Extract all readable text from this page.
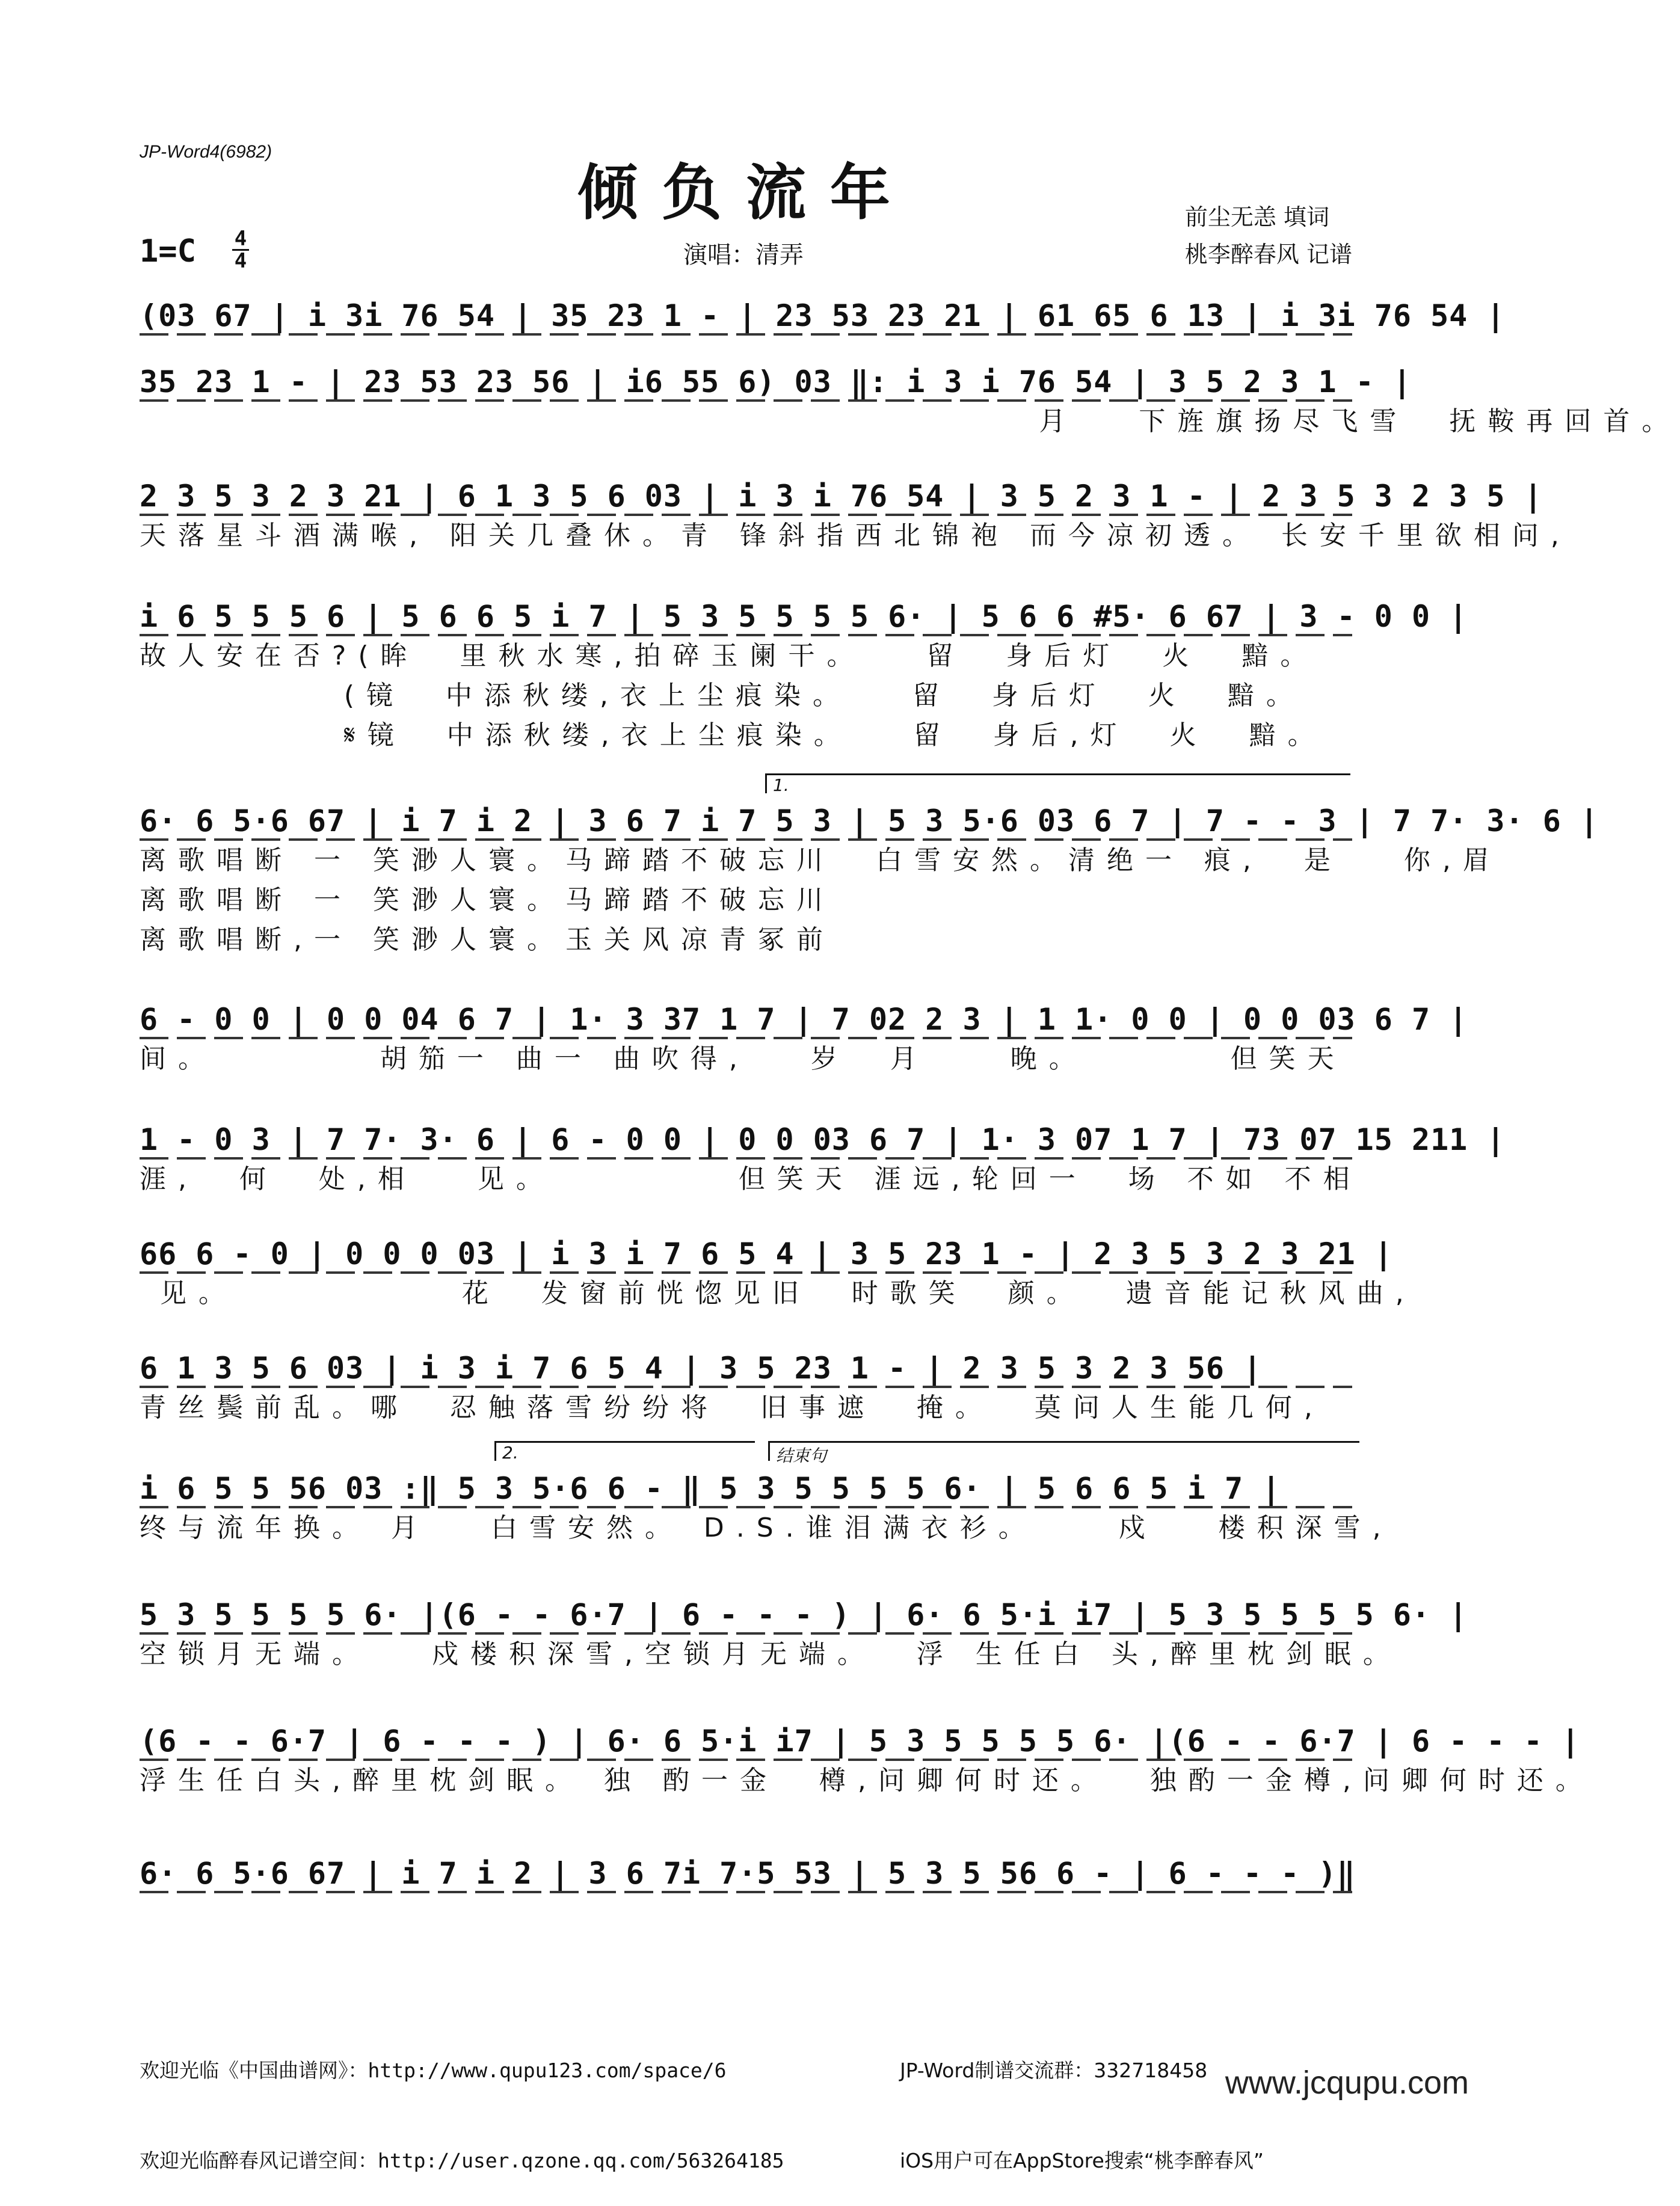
JP-Word4(6982)
倾负流年	前尘无恙 填词
桃李醉春风 记谱
1=C 4
4	演唱：清弄
(03 67 | i 3i 76 54 | 35 23 1 - | 23 53 23 21 | 61 65 6 13 | i 3i 76 54 |
35 23 1 - | 23 53 23 56 | i6 55 6) 03 ‖: i 3 i 76 54 | 3 5 2 3 1 - |
月   下旌旗扬尽飞雪  抚鞍再回首。
2 3 5 3 2 3 21 | 6 1 3 5 6 03 | i 3 i 76 54 | 3 5 2 3 1 - | 2 3 5 3 2 3 5 |
天落星斗酒满喉, 阳关几叠休。青 锋斜指西北锦袍 而今凉初透。 长安千里欲相问,
i 6 5 5 5 6 | 5 6 6 5 i 7 | 5 3 5 5 5 5 6· | 5 6 6 #5· 6 67 | 3 - 0 0 |
故人安在否?(眸  里秋水寒,拍碎玉阑干。   留  身后灯  火  黯。
(镜  中添秋缕,衣上尘痕染。   留  身后灯  火  黯。
𝄋镜  中添秋缕,衣上尘痕染。   留  身后,灯  火  黯。
1.
6· 6 5·6 67 | i 7 i 2 | 3 6 7 i 7 5 3 | 5 3 5·6 03 6 7 | 7 - - 3 | 7 7· 3· 6 |
离歌唱断 一 笑渺人寰。马蹄踏不破忘川  白雪安然。清绝一 痕,  是   你,眉
离歌唱断 一 笑渺人寰。马蹄踏不破忘川
离歌唱断,一 笑渺人寰。玉关风凉青冢前
6 - 0 0 | 0 0 04 6 7 | 1· 3 37 1 7 | 7 02 2 3 | 1 1· 0 0 | 0 0 03 6 7 |
间。        胡笳一 曲一 曲吹得,   岁  月    晚。       但笑天
1 - 0 3 | 7 7· 3· 6 | 6 - 0 0 | 0 0 03 6 7 | 1· 3 07 1 7 | 73 07 15 211 |
涯,  何  处,相   见。         但笑天 涯远,轮回一  场 不如 不相
66 6 - 0 | 0 0 0 03 | i 3 i 7 6 5 4 | 3 5 23 1 - | 2 3 5 3 2 3 21 |
见。           花  发窗前恍惚见旧  时歌笑  颜。  遗音能记秋风曲,
6 1 3 5 6 03 | i 3 i 7 6 5 4 | 3 5 23 1 - | 2 3 5 3 2 3 56 |
青丝鬓前乱。哪  忍触落雪纷纷将  旧事遮  掩。  莫问人生能几何,
2.	结束句
i 6 5 5 56 03 :‖ 5 3 5·6 6 - ‖ 5 3 5 5 5 5 6· | 5 6 6 5 i 7 |
终与流年换。 月   白雪安然。 D.S.谁泪满衣衫。    戍   楼积深雪,
5 3 5 5 5 5 6· |(6 - - 6·7 | 6 - - - ) | 6· 6 5·i i7 | 5 3 5 5 5 5 6· |
空锁月无端。   戍楼积深雪,空锁月无端。  浮 生任白 头,醉里枕剑眠。
(6 - - 6·7 | 6 - - - ) | 6· 6 5·i i7 | 5 3 5 5 5 5 6· |(6 - - 6·7 | 6 - - - |
浮生任白头,醉里枕剑眠。 独 酌一金  樽,问卿何时还。  独酌一金樽,问卿何时还。
6· 6 5·6 67 | i 7 i 2 | 3 6 7i 7·5 53 | 5 3 5 56 6 - | 6 - - - )‖

欢迎光临《中国曲谱网》：http://www.qupu123.com/space/6

欢迎光临醉春风记谱空间：http://user.qzone.qq.com/563264185

JP-Word制谱交流群：332718458

iOS用户可在AppStore搜索“桃李醉春风”

www.jcqupu.com
